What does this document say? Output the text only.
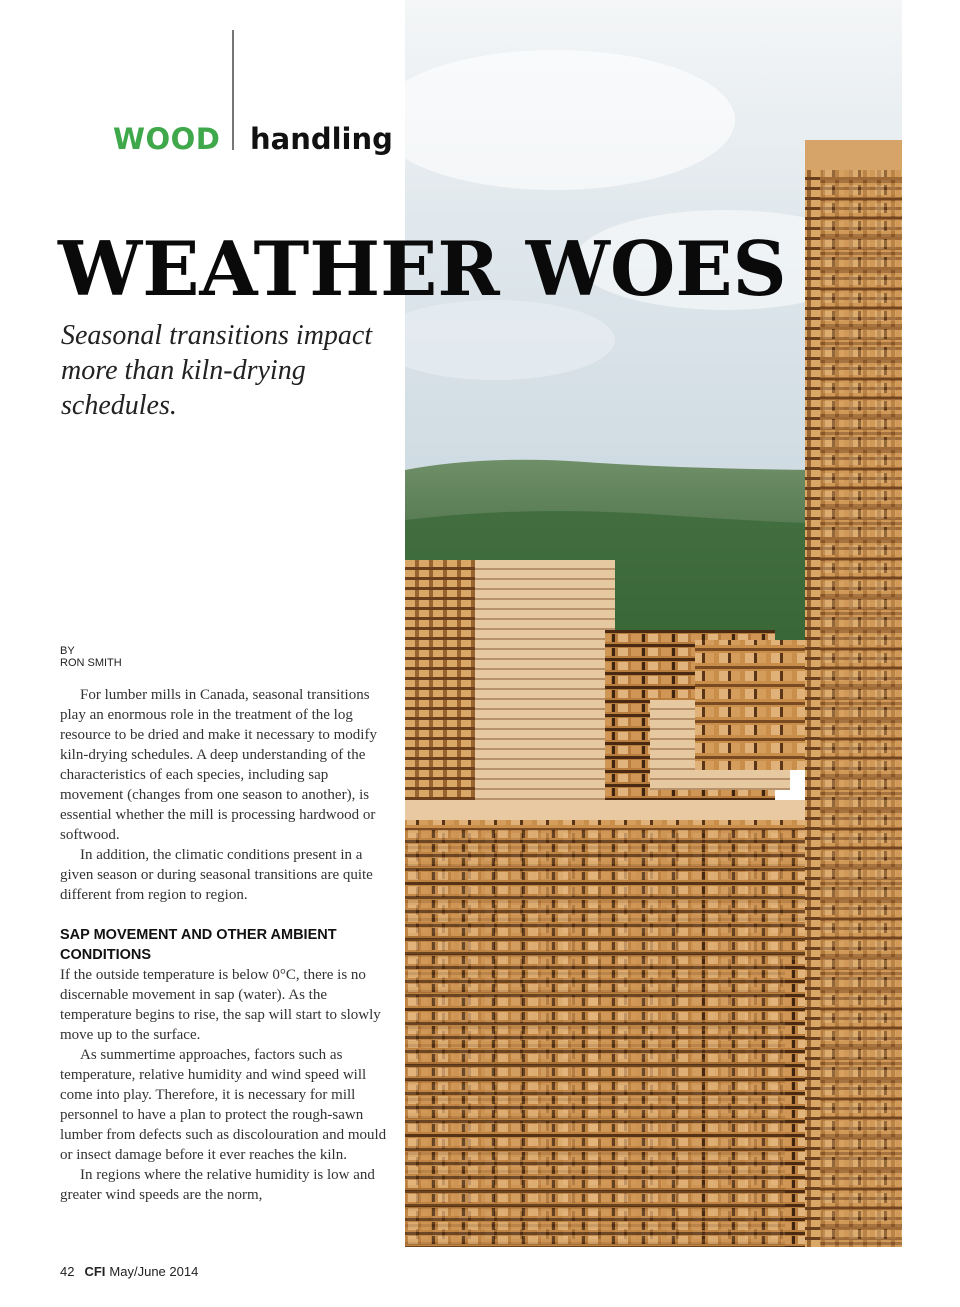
WOOD handling
WEATHER WOES

Seasonal transitions impact more than kiln-drying schedules.

BY
RON SMITH

For lumber mills in Canada, seasonal transitions play an enormous role in the treatment of the log resource to be dried and make it necessary to modify kiln-drying schedules. A deep understanding of the characteristics of each species, including sap movement (changes from one season to another), is essential whether the mill is processing hardwood or softwood.

In addition, the climatic conditions present in a given season or during seasonal transitions are quite different from region to region.

SAP MOVEMENT AND OTHER AMBIENT CONDITIONS

If the outside temperature is below 0°C, there is no discernable movement in sap (water). As the temperature begins to rise, the sap will start to slowly move up to the surface.

As summertime approaches, factors such as temperature, relative humidity and wind speed will come into play. Therefore, it is necessary for mill personnel to have a plan to protect the rough-sawn lumber from defects such as discolouration and mould or insect damage before it ever reaches the kiln.

In regions where the relative humidity is low and greater wind speeds are the norm,

42 CFI May/June 2014
